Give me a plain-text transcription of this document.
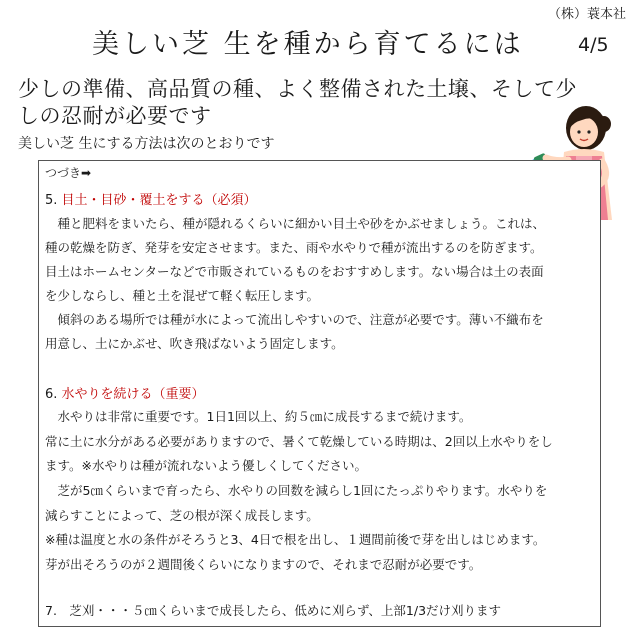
（株）蓑本社
美しい芝 生を種から育てるには	4/5
少しの準備、高品質の種、よく整備された土壌、そして少しの忍耐が必要です
美しい芝 生にする方法は次のとおりです
つづき➡
5. 目土・目砂・覆土をする（必須）
　種と肥料をまいたら、種が隠れるくらいに細かい目土や砂をかぶせましょう。これは、
種の乾燥を防ぎ、発芽を安定させます。また、雨や水やりで種が流出するのを防ぎます。
目土はホームセンターなどで市販されているものをおすすめします。ない場合は土の表面
を少しならし、種と土を混ぜて軽く転圧します。
　傾斜のある場所では種が水によって流出しやすいので、注意が必要です。薄い不織布を
用意し、土にかぶせ、吹き飛ばないよう固定します。
6. 水やりを続ける（重要）
　水やりは非常に重要です。1日1回以上、約５㎝に成長するまで続けます。
常に土に水分がある必要がありますので、暑くて乾燥している時期は、2回以上水やりをし
ます。※水やりは種が流れないよう優しくしてください。
　芝が5㎝くらいまで育ったら、水やりの回数を減らし1回にたっぷりやります。水やりを
減らすことによって、芝の根が深く成長します。
※種は温度と水の条件がそろうと3、4日で根を出し、１週間前後で芽を出しはじめます。
芽が出そろうのが２週間後くらいになりますので、それまで忍耐が必要です。
7.　芝刈・・・５㎝くらいまで成長したら、低めに刈らず、上部1/3だけ刈ります
